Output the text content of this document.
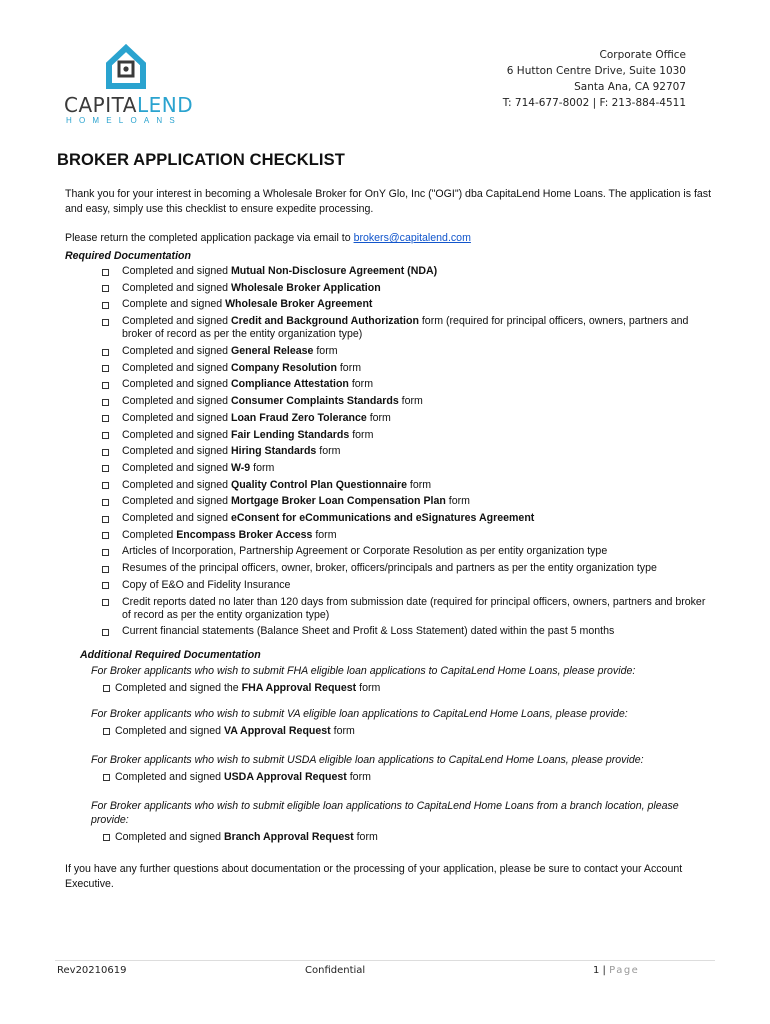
CAPITALEND
HOMELOANS
Corporate Office
6 Hutton Centre Drive, Suite 1030
Santa Ana, CA 92707
T: 714-677-8002 | F: 213-884-4511
BROKER APPLICATION CHECKLIST

Thank you for your interest in becoming a Wholesale Broker for OnY Glo, Inc ("OGI") dba CapitaLend Home Loans. The application is fast and easy, simply use this checklist to ensure expedite processing.

Please return the completed application package via email to brokers@capitalend.com

Required Documentation
Completed and signed Mutual Non-Disclosure Agreement (NDA)
Completed and signed Wholesale Broker Application
Complete and signed Wholesale Broker Agreement
Completed and signed Credit and Background Authorization form (required for principal officers, owners, partners and broker of record as per the entity organization type)
Completed and signed General Release form
Completed and signed Company Resolution form
Completed and signed Compliance Attestation form
Completed and signed Consumer Complaints Standards form
Completed and signed Loan Fraud Zero Tolerance form
Completed and signed Fair Lending Standards form
Completed and signed Hiring Standards form
Completed and signed W-9 form
Completed and signed Quality Control Plan Questionnaire form
Completed and signed Mortgage Broker Loan Compensation Plan form
Completed and signed eConsent for eCommunications and eSignatures Agreement
Completed Encompass Broker Access form
Articles of Incorporation, Partnership Agreement or Corporate Resolution as per entity organization type
Resumes of the principal officers, owner, broker, officers/principals and partners as per the entity organization type
Copy of E&O and Fidelity Insurance
Credit reports dated no later than 120 days from submission date (required for principal officers, owners, partners and broker of record as per the entity organization type)
Current financial statements (Balance Sheet and Profit & Loss Statement) dated within the past 5 months
Additional Required Documentation
For Broker applicants who wish to submit FHA eligible loan applications to CapitaLend Home Loans, please provide:
Completed and signed the FHA Approval Request form
For Broker applicants who wish to submit VA eligible loan applications to CapitaLend Home Loans, please provide:
Completed and signed VA Approval Request form
For Broker applicants who wish to submit USDA eligible loan applications to CapitaLend Home Loans, please provide:
Completed and signed USDA Approval Request form
For Broker applicants who wish to submit eligible loan applications to CapitaLend Home Loans from a branch location, please provide:
Completed and signed Branch Approval Request form
If you have any further questions about documentation or the processing of your application, please be sure to contact your Account Executive.
Rev20210619	Confidential	1 | Page
